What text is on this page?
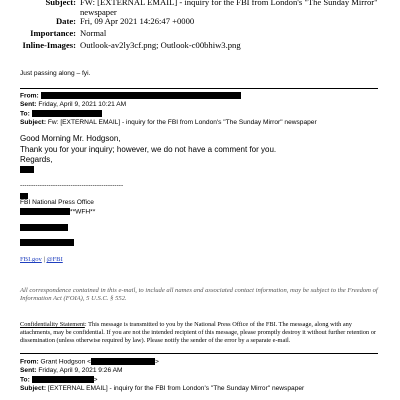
Subject: FW: [EXTERNAL EMAIL] - inquiry for the FBI from London's "The Sunday Mirror" newspaper
Date: Fri, 09 Apr 2021 14:26:47 +0000
Importance: Normal
Inline-Images: Outlook-av2ly3cf.png; Outlook-c00bhiw3.png
Just passing along – fyi.
From:
Sent: Friday, April 9, 2021 10:21 AM
To:
Subject: Fw: [EXTERNAL EMAIL] - inquiry for the FBI from London's "The Sunday Mirror" newspaper
Good Morning Mr. Hodgson,
Thank you for your inquiry; however, we do not have a comment for you.
Regards,
-----------------------------------------------
FBI National Press Office
**WFH**
FBI.gov | @FBI
All correspondence contained in this e-mail, to include all names and associated contact information, may be subject to the Freedom of Information Act (FOIA), 5 U.S.C. § 552.
Confidentiality Statement: This message is transmitted to you by the National Press Office of the FBI. The message, along with any attachments, may be confidential. If you are not the intended recipient of this message, please promptly destroy it without further retention or dissemination (unless otherwise required by law). Please notify the sender of the error by a separate e-mail.
From: Grant Hodgson <	>
Sent: Friday, April 9, 2021 9:26 AM
To:	>
Subject: [EXTERNAL EMAIL] - inquiry for the FBI from London's "The Sunday Mirror" newspaper
